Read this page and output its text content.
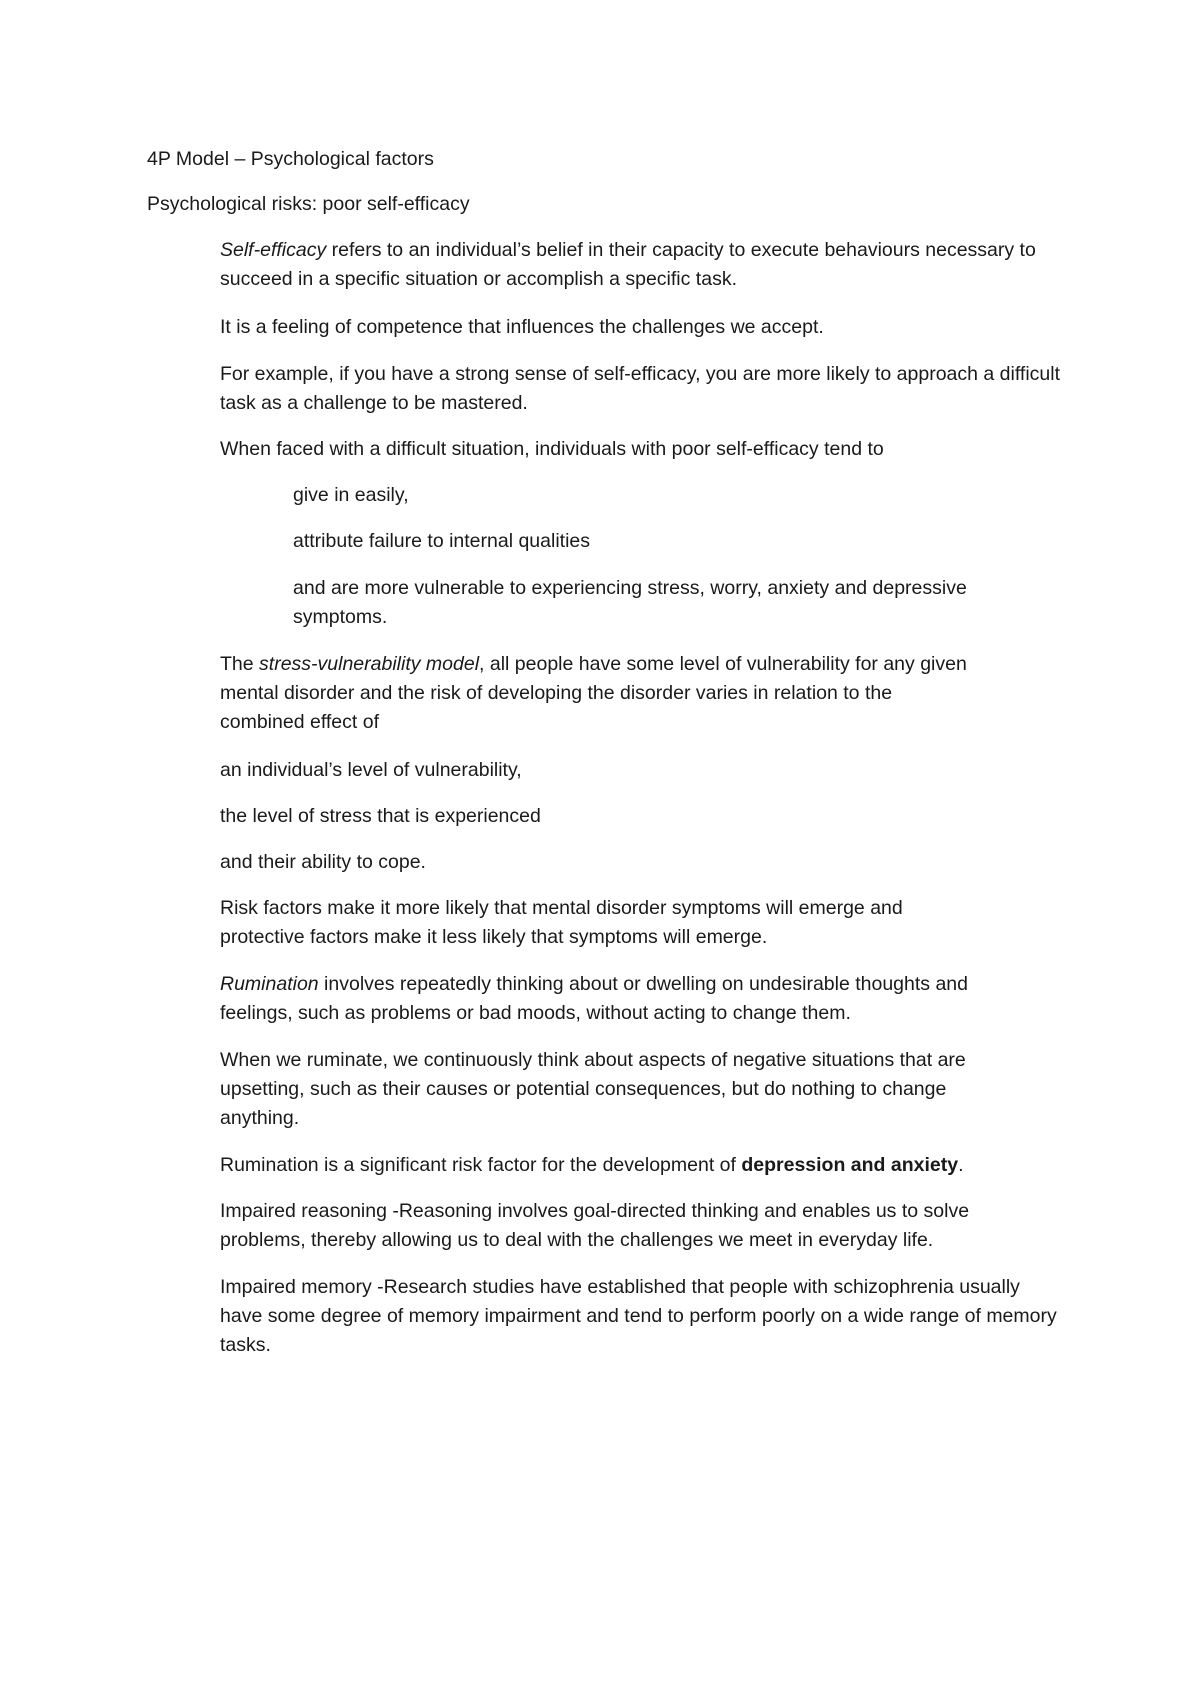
4P Model – Psychological factors

Psychological risks: poor self-efficacy

Self-efficacy refers to an individual’s belief in their capacity to execute behaviours necessary to succeed in a specific situation or accomplish a specific task.

It is a feeling of competence that influences the challenges we accept.

For example, if you have a strong sense of self-efficacy, you are more likely to approach a difficult task as a challenge to be mastered.

When faced with a difficult situation, individuals with poor self-efficacy tend to

give in easily,

attribute failure to internal qualities

and are more vulnerable to experiencing stress, worry, anxiety and depressive symptoms.

The stress-vulnerability model, all people have some level of vulnerability for any given mental disorder and the risk of developing the disorder varies in relation to the combined effect of

an individual’s level of vulnerability,

the level of stress that is experienced

and their ability to cope.

Risk factors make it more likely that mental disorder symptoms will emerge and protective factors make it less likely that symptoms will emerge.

Rumination involves repeatedly thinking about or dwelling on undesirable thoughts and feelings, such as problems or bad moods, without acting to change them.

When we ruminate, we continuously think about aspects of negative situations that are upsetting, such as their causes or potential consequences, but do nothing to change anything.

Rumination is a significant risk factor for the development of depression and anxiety.

Impaired reasoning -Reasoning involves goal-directed thinking and enables us to solve problems, thereby allowing us to deal with the challenges we meet in everyday life.

Impaired memory -Research studies have established that people with schizophrenia usually have some degree of memory impairment and tend to perform poorly on a wide range of memory tasks.
